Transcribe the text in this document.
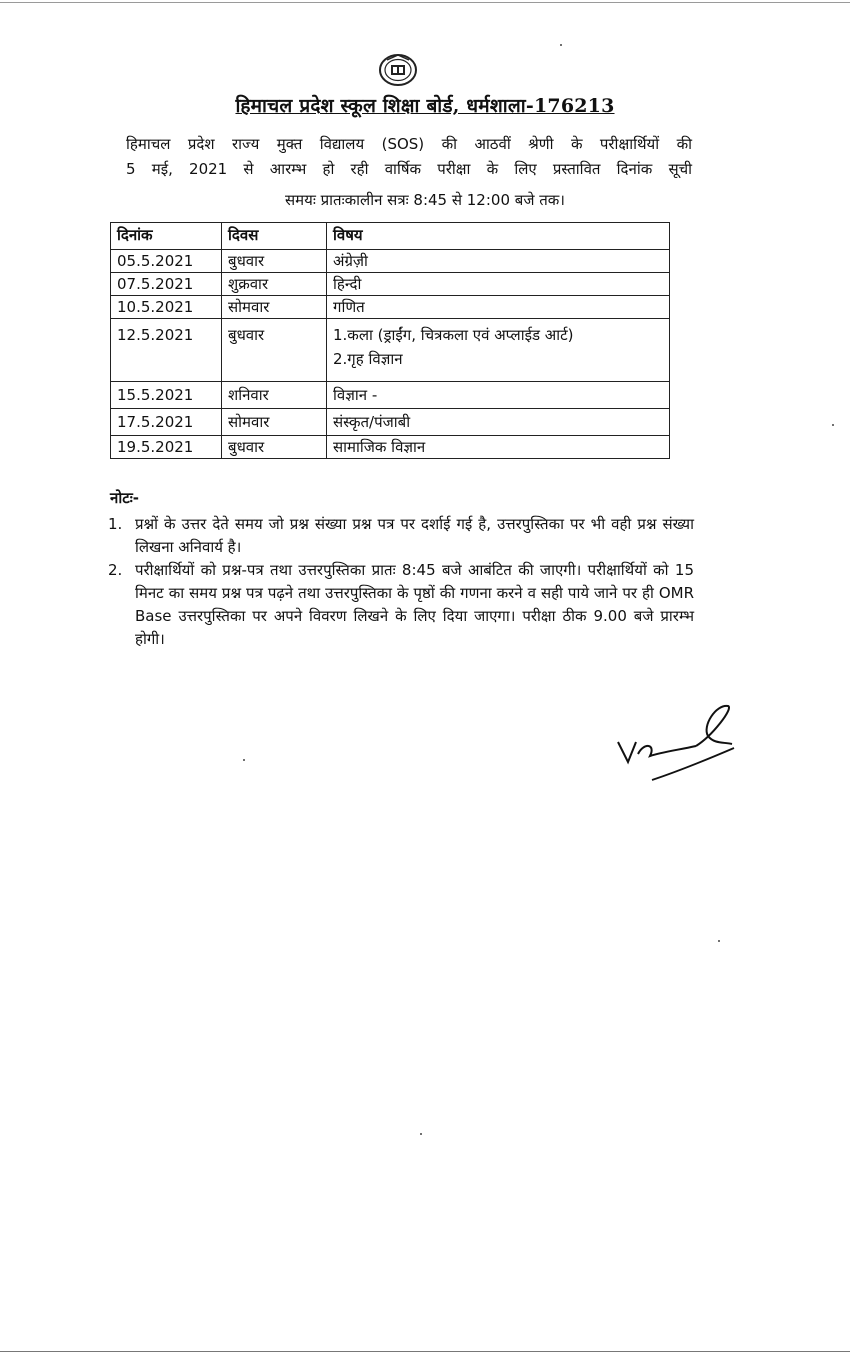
हिमाचल प्रदेश स्कूल शिक्षा बोर्ड, धर्मशाला-176213
हिमाचल प्रदेश राज्य मुक्त विद्यालय (SOS) की आठवीं श्रेणी के परीक्षार्थियों की
5 मई, 2021 से आरम्भ हो रही वार्षिक परीक्षा के लिए प्रस्तावित दिनांक सूची
समयः प्रातःकालीन सत्रः 8:45 से 12:00 बजे तक।
दिनांक	दिवस	विषय
05.5.2021	बुधवार	अंग्रेज़ी
07.5.2021	शुक्रवार	हिन्दी
10.5.2021	सोमवार	गणित
12.5.2021	बुधवार	1.कला (ड्राईंग, चित्रकला एवं अप्लाईड आर्ट)
2.गृह विज्ञान

15.5.2021	शनिवार	विज्ञान -
17.5.2021	सोमवार	संस्कृत/पंजाबी
19.5.2021	बुधवार	सामाजिक विज्ञान
नोटः-
1. प्रश्नों के उत्तर देते समय जो प्रश्न संख्या प्रश्न पत्र पर दर्शाई गई है, उत्तरपुस्तिका पर भी वही प्रश्न संख्या लिखना अनिवार्य है।
2. परीक्षार्थियों को प्रश्न-पत्र तथा उत्तरपुस्तिका प्रातः 8:45 बजे आबंटित की जाएगी। परीक्षार्थियों को 15 मिनट का समय प्रश्न पत्र पढ़ने तथा उत्तरपुस्तिका के पृष्ठों की गणना करने व सही पाये जाने पर ही OMR Base उत्तरपुस्तिका पर अपने विवरण लिखने के लिए दिया जाएगा। परीक्षा ठीक 9.00 बजे प्रारम्भ होगी।
